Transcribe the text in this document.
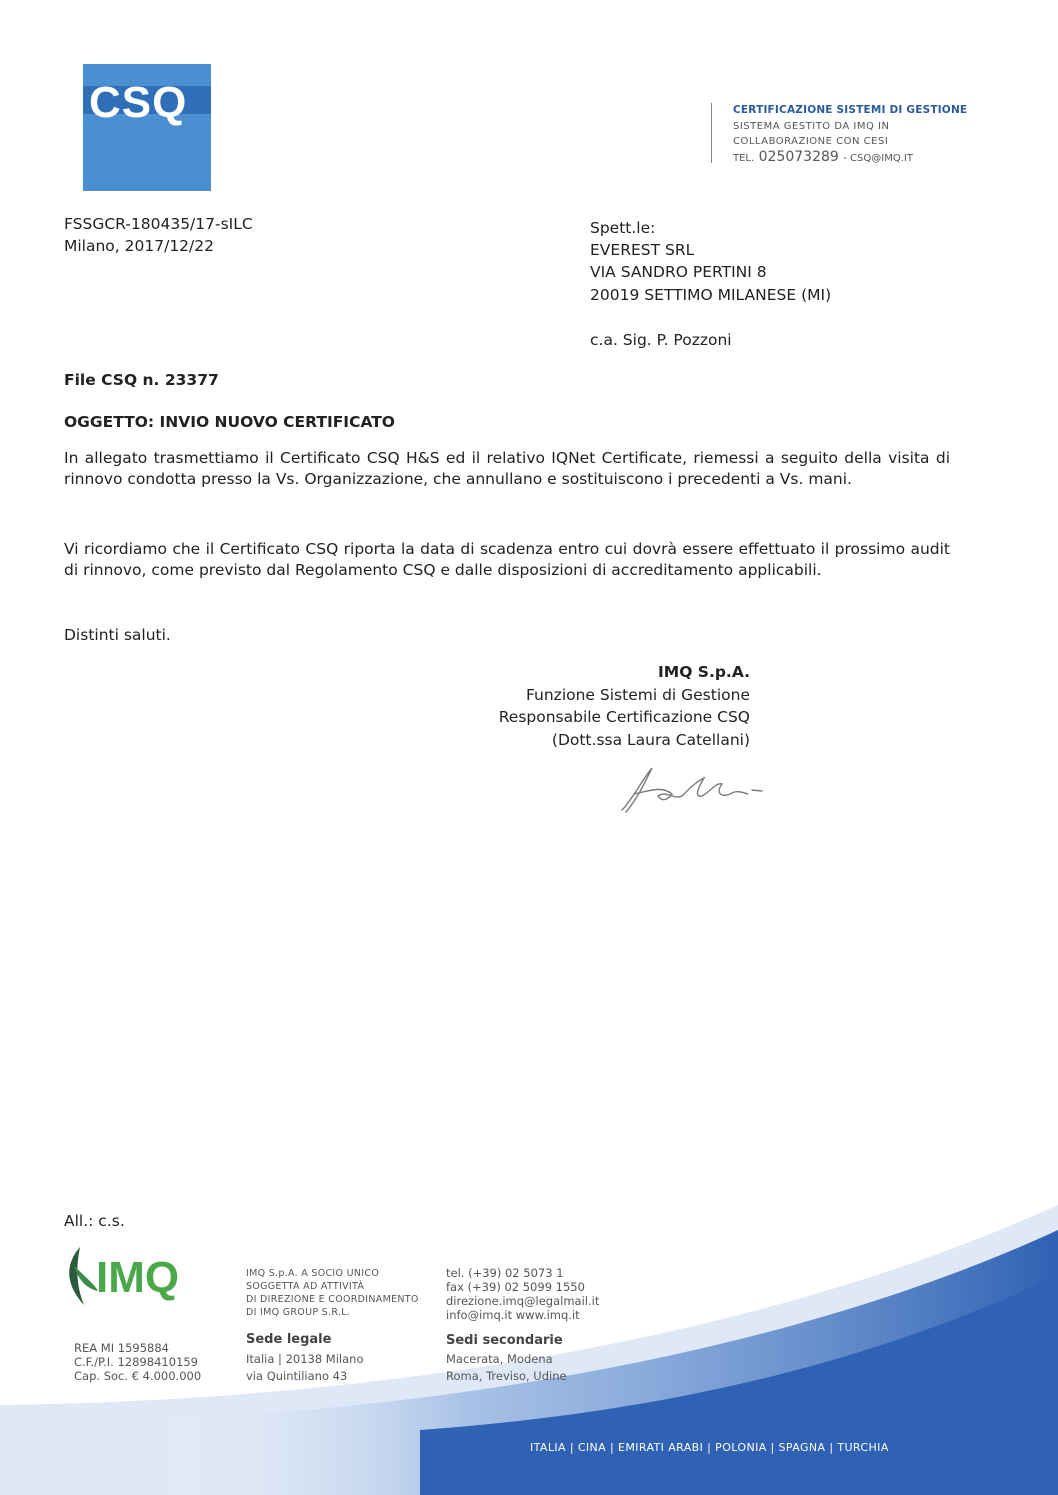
CSQ	CERTIFICAZIONE SISTEMI DI GESTIONE
SISTEMA GESTITO DA IMQ IN
COLLABORAZIONE CON CESI
TEL. 025073289 - CSQ@IMQ.IT
FSSGCR-180435/17-sILC
Milano, 2017/12/22
Spett.le:
EVEREST SRL
VIA SANDRO PERTINI 8
20019 SETTIMO MILANESE (MI)
c.a. Sig. P. Pozzoni
File CSQ n. 23377
OGGETTO: INVIO NUOVO CERTIFICATO
In allegato trasmettiamo il Certificato CSQ H&S ed il relativo IQNet Certificate, riemessi a seguito della visita di rinnovo condotta presso la Vs. Organizzazione, che annullano e sostituiscono i precedenti a Vs. mani.
Vi ricordiamo che il Certificato CSQ riporta la data di scadenza entro cui dovrà essere effettuato il prossimo audit di rinnovo, come previsto dal Regolamento CSQ e dalle disposizioni di accreditamento applicabili.
Distinti saluti.
IMQ S.p.A.
Funzione Sistemi di Gestione
Responsabile Certificazione CSQ
(Dott.ssa Laura Catellani)
ITALIA | CINA | EMIRATI ARABI | POLONIA | SPAGNA | TURCHIA
All.: c.s.
IMQ	IMQ S.p.A. A SOCIO UNICO
SOGGETTA AD ATTIVITÀ
DI DIREZIONE E COORDINAMENTO
DI IMQ GROUP S.R.L.
REA MI 1595884
C.F./P.I. 12898410159
Cap. Soc. € 4.000.000
Sede legale
Italia | 20138 Milano
via Quintiliano 43
tel. (+39) 02 5073 1
fax (+39) 02 5099 1550
direzione.imq@legalmail.it
info@imq.it www.imq.it
Sedi secondarie
Macerata, Modena
Roma, Treviso, Udine
